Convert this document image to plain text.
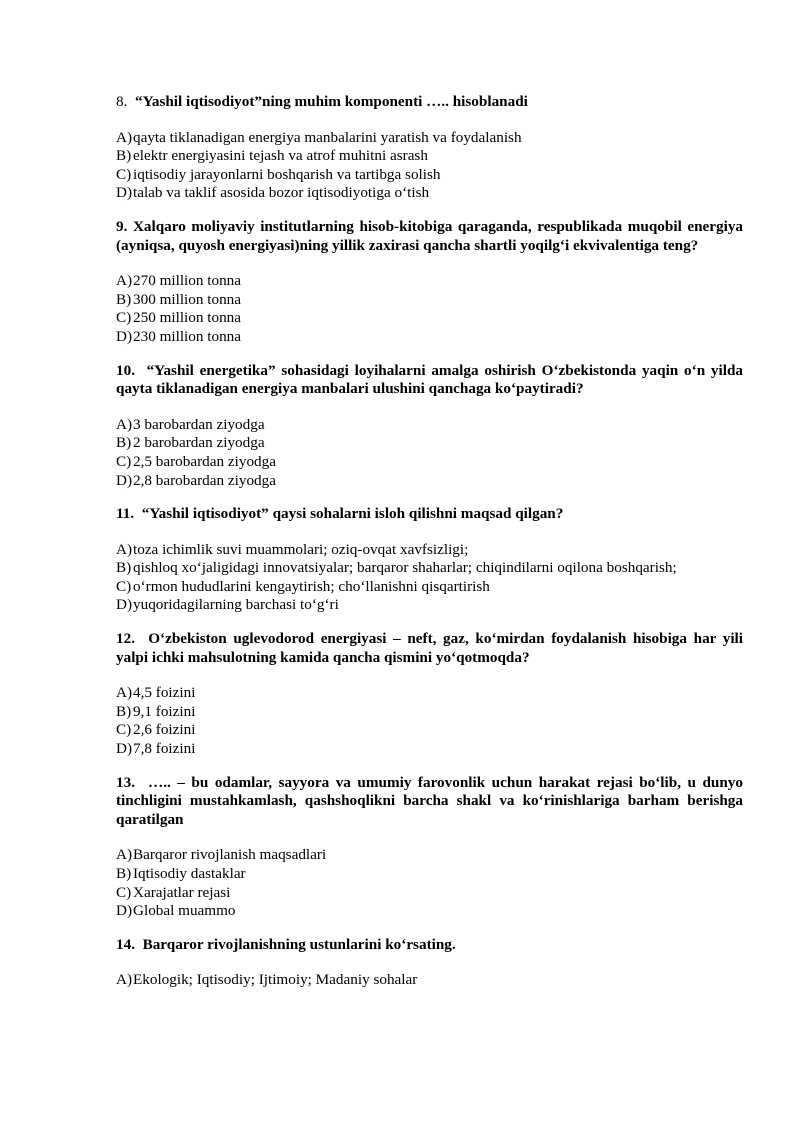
8. “Yashil iqtisodiyot”ning muhim komponenti ….. hisoblanadi

A) qayta tiklanadigan energiya manbalarini yaratish va foydalanish
B) elektr energiyasini tejash va atrof muhitni asrash
C) iqtisodiy jarayonlarni boshqarish va tartibga solish
D) talab va taklif asosida bozor iqtisodiyotiga o‘tish

9. Xalqaro moliyaviy institutlarning hisob-kitobiga qaraganda, respublikada muqobil energiya (ayniqsa, quyosh energiyasi)ning yillik zaxirasi qancha shartli yoqilg‘i ekvivalentiga teng?

A) 270 million tonna
B) 300 million tonna
C) 250 million tonna
D) 230 million tonna

10. “Yashil energetika” sohasidagi loyihalarni amalga oshirish O‘zbekistonda yaqin o‘n yilda qayta tiklanadigan energiya manbalari ulushini qanchaga ko‘paytiradi?

A) 3 barobardan ziyodga
B) 2 barobardan ziyodga
C) 2,5 barobardan ziyodga
D) 2,8 barobardan ziyodga

11. “Yashil iqtisodiyot” qaysi sohalarni isloh qilishni maqsad qilgan?

A) toza ichimlik suvi muammolari; oziq-ovqat xavfsizligi;
B) qishloq xo‘jaligidagi innovatsiyalar; barqaror shaharlar; chiqindilarni oqilona boshqarish;
C) o‘rmon hududlarini kengaytirish; cho‘llanishni qisqartirish
D) yuqoridagilarning barchasi to‘g‘ri

12. O‘zbekiston uglevodorod energiyasi – neft, gaz, ko‘mirdan foydalanish hisobiga har yili yalpi ichki mahsulotning kamida qancha qismini yo‘qotmoqda?

A) 4,5 foizini
B) 9,1 foizini
C) 2,6 foizini
D) 7,8 foizini

13. ….. – bu odamlar, sayyora va umumiy farovonlik uchun harakat rejasi bo‘lib, u dunyo tinchligini mustahkamlash, qashshoqlikni barcha shakl va ko‘rinishlariga barham berishga qaratilgan

A) Barqaror rivojlanish maqsadlari
B) Iqtisodiy dastaklar
C) Xarajatlar rejasi
D) Global muammo

14. Barqaror rivojlanishning ustunlarini ko‘rsating.

A) Ekologik; Iqtisodiy; Ijtimoiy; Madaniy sohalar
